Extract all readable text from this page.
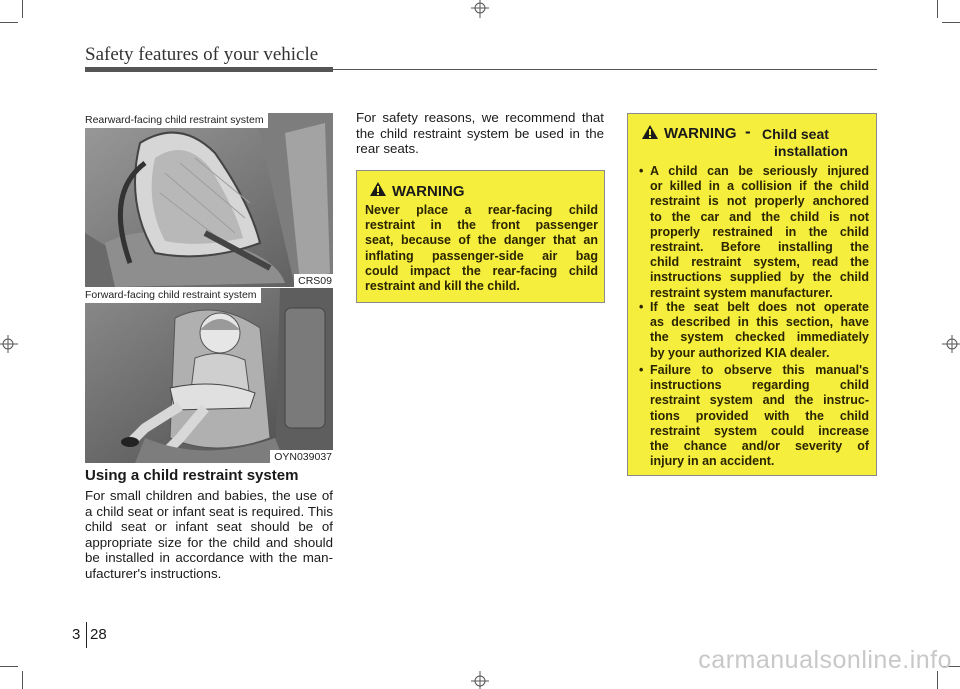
Safety features of your vehicle
Rearward-facing child restraint system
CRS09
Forward-facing child restraint system
OYN039037
Using a child restraint system
For small children and babies, the use of
a child seat or infant seat is required. This
child seat or infant seat should be of
appropriate size for the child and should
be installed in accordance with the man-
ufacturer's instructions.
For safety reasons, we recommend that
the child restraint system be used in the
rear seats.
WARNING
Never place a rear-facing child
restraint in the front passenger
seat, because of the danger that an
inflating passenger-side air bag
could impact the rear-facing child
restraint and kill the child.
WARNING - Child seat
installation
• A child can be seriously injured
or killed in a collision if the child
restraint is not properly anchored
to the car and the child is not
properly restrained in the child
restraint. Before installing the
child restraint system, read the
instructions supplied by the child
restraint system manufacturer.
• If the seat belt does not operate
as described in this section, have
the system checked immediately
by your authorized KIA dealer.
• Failure to observe this manual's
instructions regarding child
restraint system and the instruc-
tions provided with the child
restraint system could increase
the chance and/or severity of
injury in an accident.
3 28
carmanualsonline.info
